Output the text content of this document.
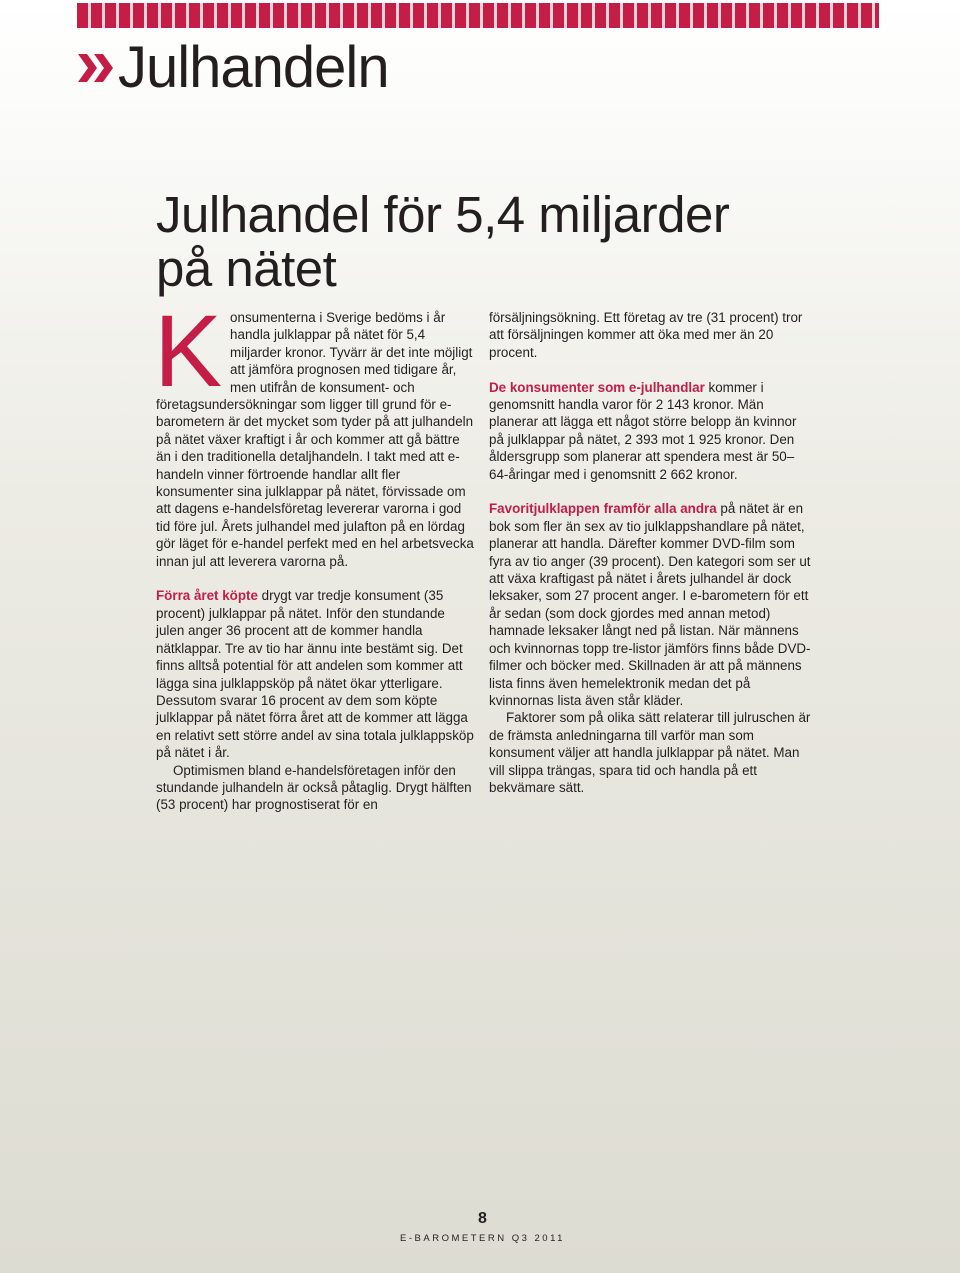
Julhandeln
Julhandel för 5,4 miljarder
på nätet

Konsumenterna i Sverige bedöms i år handla julklappar på nätet för 5,4 miljarder kronor. Tyvärr är det inte möjligt att jämföra prognosen med tidigare år, men utifrån de konsument- och företagsundersökningar som ligger till grund för e-barometern är det mycket som tyder på att julhandeln på nätet växer kraftigt i år och kommer att gå bättre än i den traditionella detaljhandeln. I takt med att e-handeln vinner förtroende handlar allt fler konsumenter sina julklappar på nätet, förvissade om att dagens e-handelsföretag levererar varorna i god tid före jul. Årets julhandel med julafton på en lördag gör läget för e-handel perfekt med en hel arbetsvecka innan jul att leverera varorna på.

Förra året köpte drygt var tredje konsument (35 procent) julklappar på nätet. Inför den stundande julen anger 36 procent att de kommer handla nätklappar. Tre av tio har ännu inte bestämt sig. Det finns alltså potential för att andelen som kommer att lägga sina julklappsköp på nätet ökar ytterligare. Dessutom svarar 16 procent av dem som köpte julklappar på nätet förra året att de kommer att lägga en relativt sett större andel av sina totala julklappsköp på nätet i år.

Optimismen bland e-handelsföretagen inför den stundande julhandeln är också påtaglig. Drygt hälften (53 procent) har prognostiserat för en

försäljningsökning. Ett företag av tre (31 procent) tror att försäljningen kommer att öka med mer än 20 procent.

De konsumenter som e-julhandlar kommer i genomsnitt handla varor för 2 143 kronor. Män planerar att lägga ett något större belopp än kvinnor på julklappar på nätet, 2 393 mot 1 925 kronor. Den åldersgrupp som planerar att spendera mest är 50–64-åringar med i genomsnitt 2 662 kronor.

Favoritjulklappen framför alla andra på nätet är en bok som fler än sex av tio julklappshandlare på nätet, planerar att handla. Därefter kommer DVD-film som fyra av tio anger (39 procent). Den kategori som ser ut att växa kraftigast på nätet i årets julhandel är dock leksaker, som 27 procent anger. I e-barometern för ett år sedan (som dock gjordes med annan metod) hamnade leksaker långt ned på listan. När männens och kvinnornas topp tre-listor jämförs finns både DVD-filmer och böcker med. Skillnaden är att på männens lista finns även hemelektronik medan det på kvinnornas lista även står kläder.

Faktorer som på olika sätt relaterar till julruschen är de främsta anledningarna till varför man som konsument väljer att handla julklappar på nätet. Man vill slippa trängas, spara tid och handla på ett bekvämare sätt.

8
E-BAROMETERN Q3 2011
